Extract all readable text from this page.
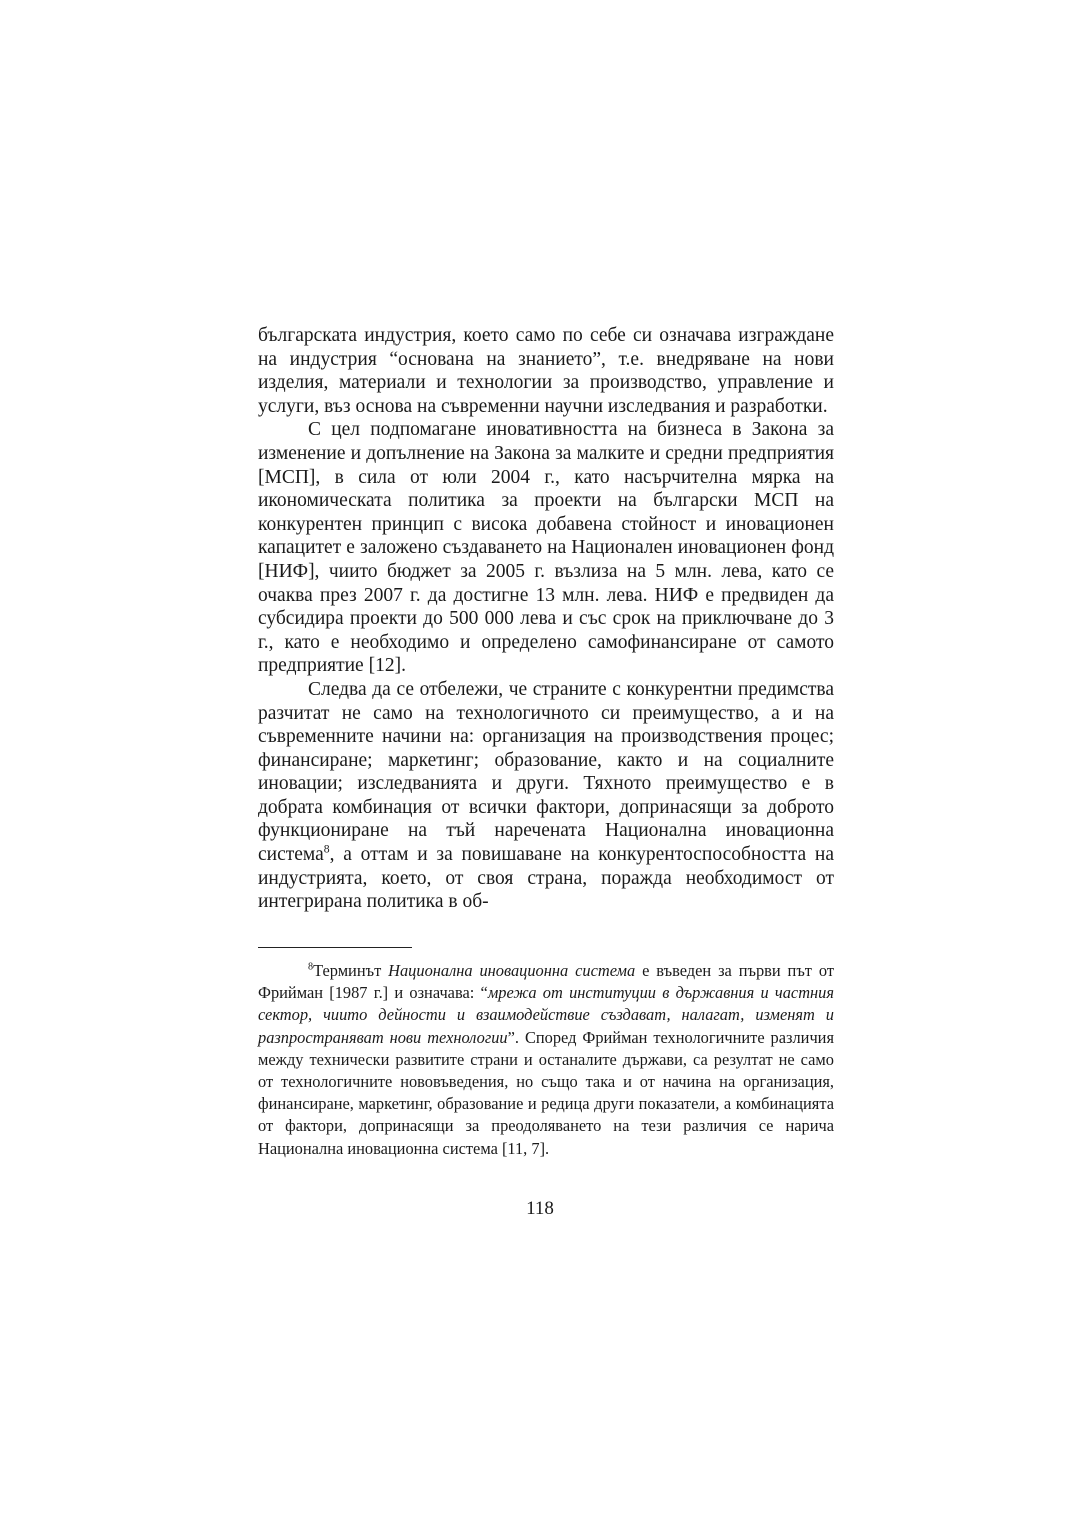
българската индустрия, което само по себе си означава изграждане на индустрия “основана на знанието”, т.е. внедряване на нови изделия, материали и технологии за производство, управление и услуги, въз основа на съвременни научни изследвания и разработки.

С цел подпомагане иновативността на бизнеса в Закона за изменение и допълнение на Закона за малките и средни предприятия [МСП], в сила от юли 2004 г., като насърчителна мярка на икономическата политика за проекти на български МСП на конкурентен принцип с висока добавена стойност и иновационен капацитет е заложено създаването на Национален иновационен фонд [НИФ], чиито бюджет за 2005 г. възлиза на 5 млн. лева, като се очаква през 2007 г. да достигне 13 млн. лева. НИФ е предвиден да субсидира проекти до 500 000 лева и със срок на приключване до 3 г., като е необходимо и определено самофинансиране от самото предприятие [12].

Следва да се отбележи, че страните с конкурентни предимства разчитат не само на технологичното си преимущество, а и на съвременните начини на: организация на производствения процес; финансиране; маркетинг; образование, както и на социалните иновации; изследванията и други. Тяхното преимущество е в добрата комбинация от всички фактори, допринасящи за доброто функциониране на тъй наречената Национална иновационна система$^8$, а оттам и за повишаване на конкурентоспособността на индустрията, което, от своя страна, поражда необходимост от интегрирана политика в об-

$^8$Терминът Национална иновационна система е въведен за първи път от Фрийман [1987 г.] и означава: “мрежа от институции в държавния и частния сектор, чиито дейности и взаимодействие създават, налагат, изменят и разпространяват нови технологии”. Според Фрийман технологичните различия между технически развитите страни и останалите държави, са резултат не само от технологичните нововъведения, но също така и от начина на организация, финансиране, маркетинг, образование и редица други показатели, а комбинацията от фактори, допринасящи за преодоляването на тези различия се нарича Национална иновационна система [11, 7].

118
